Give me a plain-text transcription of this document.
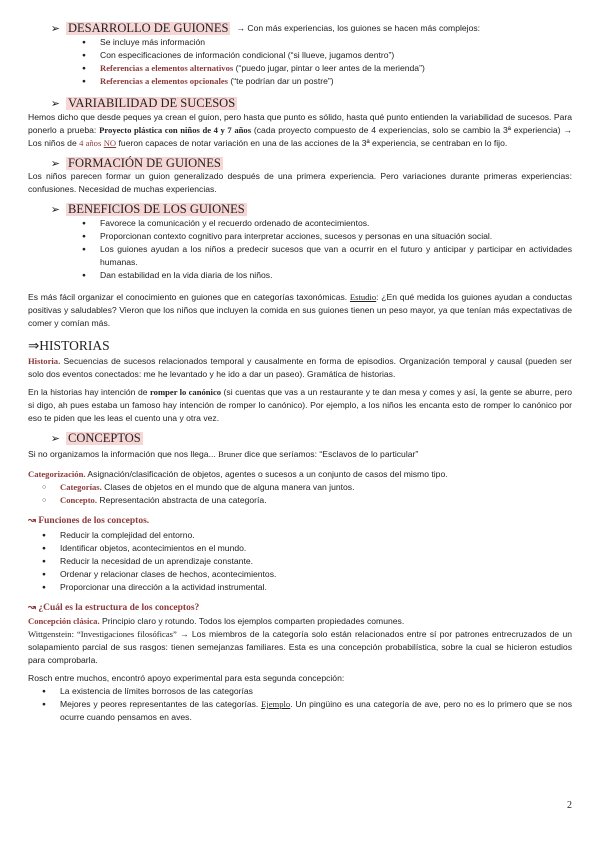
➢ DESARROLLO DE GUIONES → Con más experiencias, los guiones se hacen más complejos:
● Se incluye más información
● Con especificaciones de información condicional (“si llueve, jugamos dentro”)
● Referencias a elementos alternativos (“puedo jugar, pintar o leer antes de la merienda”)
● Referencias a elementos opcionales (“te podrían dar un postre”)
➢ VARIABILIDAD DE SUCESOS

Hemos dicho que desde peques ya crean el guion, pero hasta que punto es sólido, hasta qué punto entienden la variabilidad de sucesos. Para ponerlo a prueba: Proyecto plástica con niños de 4 y 7 años (cada proyecto compuesto de 4 experiencias, solo se cambio la 3ª experiencia) → Los niños de 4 años NO fueron capaces de notar variación en una de las acciones de la 3ª experiencia, se centraban en lo fijo.

➢ FORMACIÓN DE GUIONES

Los niños parecen formar un guion generalizado después de una primera experiencia. Pero variaciones durante primeras experiencias: confusiones. Necesidad de muchas experiencias.

➢ BENEFICIOS DE LOS GUIONES
● Favorece la comunicación y el recuerdo ordenado de acontecimientos.
● Proporcionan contexto cognitivo para interpretar acciones, sucesos y personas en una situación social.
● Los guiones ayudan a los niños a predecir sucesos que van a ocurrir en el futuro y anticipar y participar en actividades humanas.
● Dan estabilidad en la vida diaria de los niños.

Es más fácil organizar el conocimiento en guiones que en categorías taxonómicas. Estudio: ¿En qué medida los guiones ayudan a conductas positivas y saludables? Vieron que los niños que incluyen la comida en sus guiones tienen un peso mayor, ya que tenían más expectativas de comer y comían más.

⇒HISTORIAS

Historia. Secuencias de sucesos relacionados temporal y causalmente en forma de episodios. Organización temporal y causal (pueden ser solo dos eventos conectados: me he levantado y he ido a dar un paseo). Gramática de historias.

En la historias hay intención de romper lo canónico (si cuentas que vas a un restaurante y te dan mesa y comes y así, la gente se aburre, pero si digo, ah pues estaba un famoso hay intención de romper lo canónico). Por ejemplo, a los niños les encanta esto de romper lo canónico por eso te piden que les leas el cuento una y otra vez.

➢ CONCEPTOS

Si no organizamos la información que nos llega... Bruner dice que seríamos: “Esclavos de lo particular”

Categorización. Asignación/clasificación de objetos, agentes o sucesos a un conjunto de casos del mismo tipo.

○ Categorías. Clases de objetos en el mundo que de alguna manera van juntos.
○ Concepto. Representación abstracta de una categoría.
↝ Funciones de los conceptos.
● Reducir la complejidad del entorno.
● Identificar objetos, acontecimientos en el mundo.
● Reducir la necesidad de un aprendizaje constante.
● Ordenar y relacionar clases de hechos, acontecimientos.
● Proporcionar una dirección a la actividad instrumental.
↝ ¿Cuál es la estructura de los conceptos?

Concepción clásica. Principio claro y rotundo. Todos los ejemplos comparten propiedades comunes.

Wittgenstein: “Investigaciones filosóficas” → Los miembros de la categoría solo están relacionados entre sí por patrones entrecruzados de un solapamiento parcial de sus rasgos: tienen semejanzas familiares. Esta es una concepción probabilística, sobre la cual se hicieron estudios para comprobarla.

Rosch entre muchos, encontró apoyo experimental para esta segunda concepción:

● La existencia de límites borrosos de las categorías
● Mejores y peores representantes de las categorías. Ejemplo. Un pingüino es una categoría de ave, pero no es lo primero que se nos ocurre cuando pensamos en aves.
2
